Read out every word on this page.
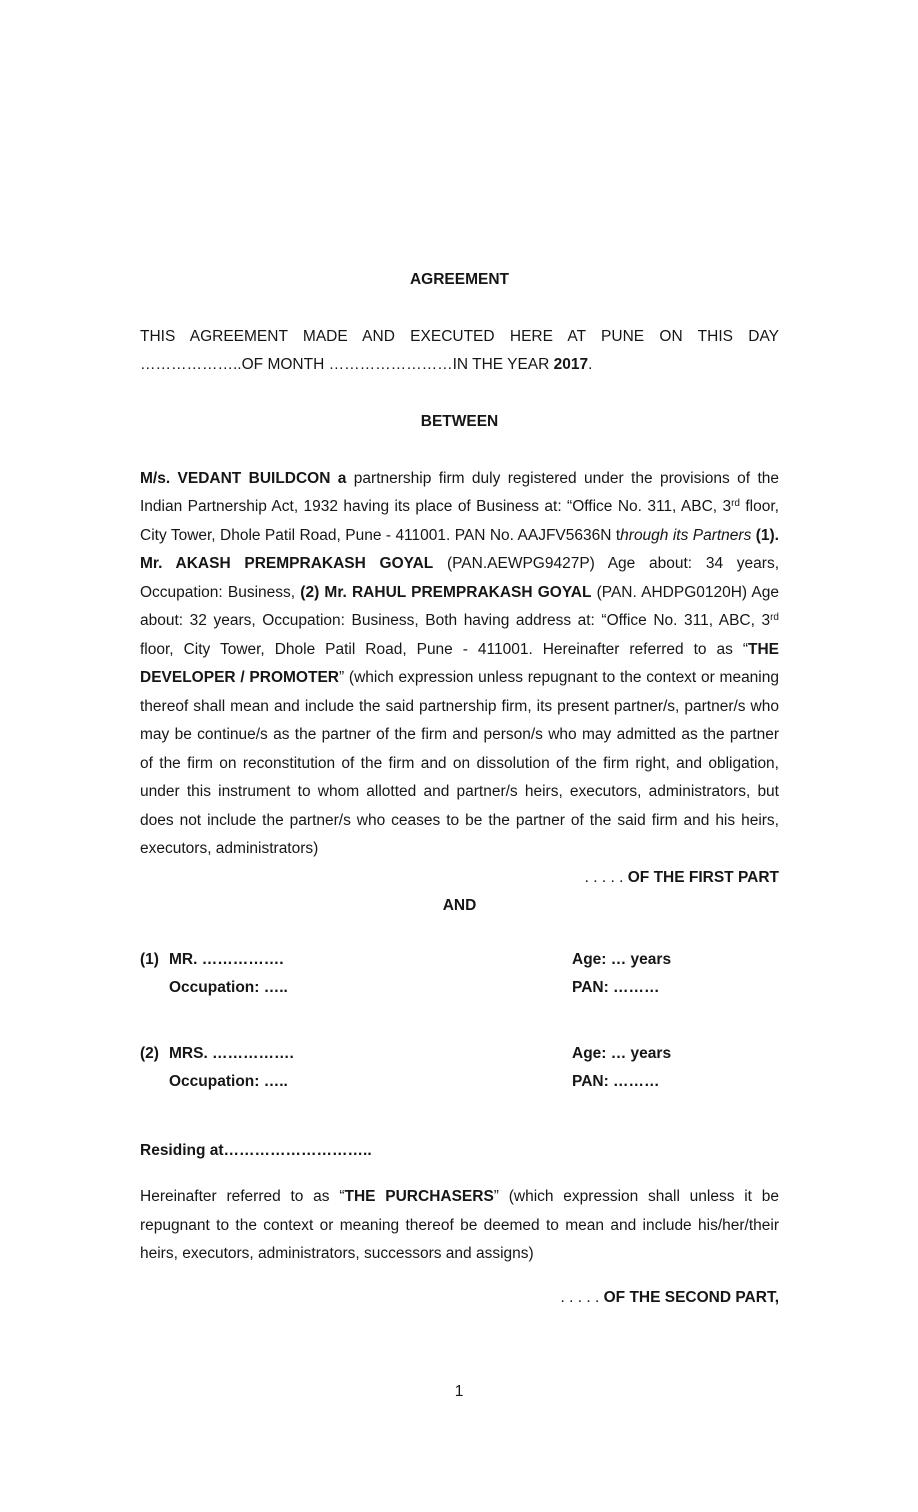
AGREEMENT

THIS AGREEMENT MADE AND EXECUTED HERE AT PUNE ON THIS DAY ………………..OF MONTH ……………………IN THE YEAR 2017.

BETWEEN

M/s. VEDANT BUILDCON a partnership firm duly registered under the provisions of the Indian Partnership Act, 1932 having its place of Business at: “Office No. 311, ABC, 3rd floor, City Tower, Dhole Patil Road, Pune - 411001. PAN No. AAJFV5636N through its Partners (1). Mr. AKASH PREMPRAKASH GOYAL (PAN.AEWPG9427P) Age about: 34 years, Occupation: Business, (2) Mr. RAHUL PREMPRAKASH GOYAL (PAN. AHDPG0120H) Age about: 32 years, Occupation: Business, Both having address at: “Office No. 311, ABC, 3rd floor, City Tower, Dhole Patil Road, Pune - 411001. Hereinafter referred to as “THE DEVELOPER / PROMOTER” (which expression unless repugnant to the context or meaning thereof shall mean and include the said partnership firm, its present partner/s, partner/s who may be continue/s as the partner of the firm and person/s who may admitted as the partner of the firm on reconstitution of the firm and on dissolution of the firm right, and obligation, under this instrument to whom allotted and partner/s heirs, executors, administrators, but does not include the partner/s who ceases to be the partner of the said firm and his heirs, executors, administrators)

. . . . . OF THE FIRST PART
AND
(1) MR. …………….	Age: … years
Occupation: …..	PAN: ………
(2) MRS. …………….	Age: … years
Occupation: …..	PAN: ………
Residing at………………………..

Hereinafter referred to as “THE PURCHASERS” (which expression shall unless it be repugnant to the context or meaning thereof be deemed to mean and include his/her/their heirs, executors, administrators, successors and assigns)

. . . . . OF THE SECOND PART,
1
